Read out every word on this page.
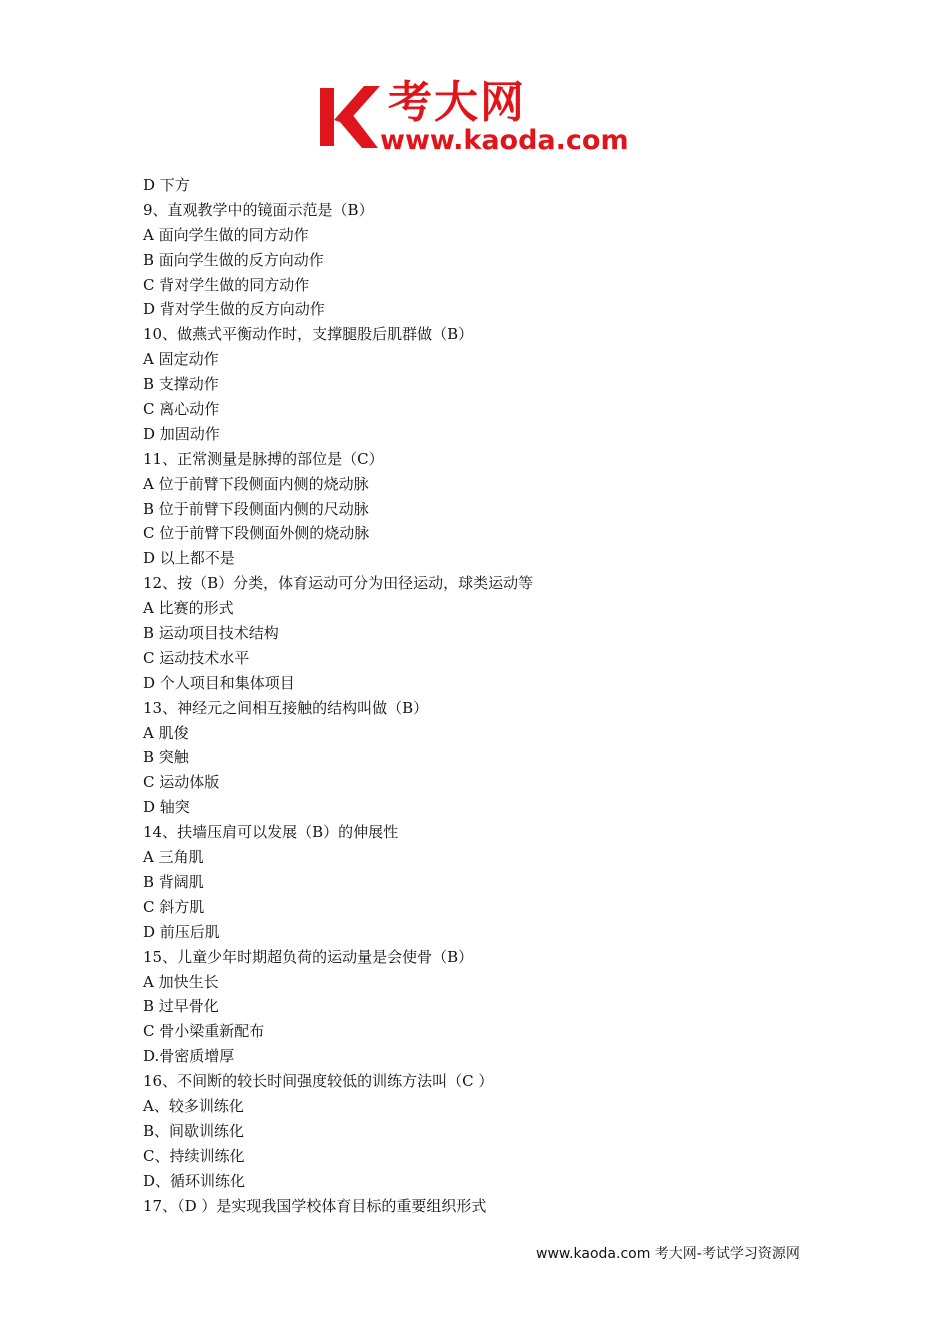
考大网
www.kaoda.com
D 下方
9、直观教学中的镜面示范是（B）
A 面向学生做的同方动作
B 面向学生做的反方向动作
C 背对学生做的同方动作
D 背对学生做的反方向动作
10、做燕式平衡动作时，支撑腿股后肌群做（B）
A 固定动作
B 支撑动作
C 离心动作
D 加固动作
11、正常测量是脉搏的部位是（C）
A 位于前臂下段侧面内侧的烧动脉
B 位于前臂下段侧面内侧的尺动脉
C 位于前臂下段侧面外侧的烧动脉
D 以上都不是
12、按（B）分类，体育运动可分为田径运动，球类运动等
A 比赛的形式
B 运动项目技术结构
C 运动技术水平
D 个人项目和集体项目
13、神经元之间相互接触的结构叫做（B）
A 肌俊
B 突触
C 运动体版
D 轴突
14、扶墙压肩可以发展（B）的伸展性
A 三角肌
B 背阔肌
C 斜方肌
D 前压后肌
15、儿童少年时期超负荷的运动量是会使骨（B）
A 加快生长
B 过早骨化
C 骨小梁重新配布
D.骨密质增厚
16、不间断的较长时间强度较低的训练方法叫（C ）
A、较多训练化
B、间歇训练化
C、持续训练化
D、循环训练化
17、（D ）是实现我国学校体育目标的重要组织形式
www.kaoda.com 考大网-考试学习资源网
